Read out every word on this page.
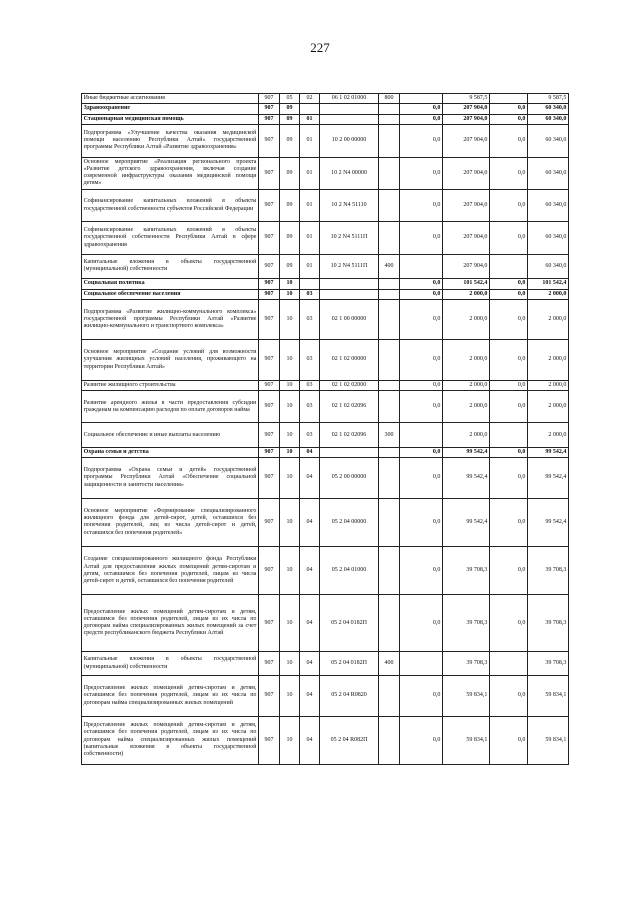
227
Иные бюджетные ассигнования	907	05	02	06 1 02 01000	800		9 587,5		9 587,5
Здравоохранение	907	09				0,0	207 904,0	0,0	60 340,0
Стационарная медицинская помощь	907	09	01			0,0	207 904,0	0,0	60 340,0
Подпрограмма «Улучшение качества оказания медицинской помощи населению Республики Алтай» государственной программы Республики Алтай «Развитие здравоохранения»	907	09	01	10 2 00 00000		0,0	207 904,0	0,0	60 340,0
Основное мероприятие «Реализация регионального проекта «Развитие детского здравоохранения, включая создание современной инфраструктуры оказания медицинской помощи детям»	907	09	01	10 2 N4 00000		0,0	207 904,0	0,0	60 340,0
Софинансирование капитальных вложений в объекты государственной собственности субъектов Российской Федерации	907	09	01	10 2 N4 51110		0,0	207 904,0	0,0	60 340,0
Софинансирование капитальных вложений в объекты государственной собственности Республики Алтай в сфере здравоохранения	907	09	01	10 2 N4 5111П		0,0	207 904,0	0,0	60 340,0
Капитальные вложения в объекты государственной (муниципальной) собственности	907	09	01	10 2 N4 5111П	400		207 904,0		60 340,0
Социальная политика	907	10				0,0	101 542,4	0,0	101 542,4
Социальное обеспечение населения	907	10	03			0,0	2 000,0	0,0	2 000,0
Подпрограмма «Развитие жилищно-коммунального комплекса» государственной программы Республики Алтай «Развитие жилищно-коммунального и транспортного комплекса»	907	10	03	02 1 00 00000		0,0	2 000,0	0,0	2 000,0
Основное мероприятие «Создание условий для возможности улучшения жилищных условий населения, проживающего на территории Республики Алтай»	907	10	03	02 1 02 00000		0,0	2 000,0	0,0	2 000,0
Развитие жилищного строительства	907	10	03	02 1 02 02000		0,0	2 000,0	0,0	2 000,0
Развитие арендного жилья в части предоставления субсидии гражданам на компенсацию расходов по оплате договоров найма	907	10	03	02 1 02 02096		0,0	2 000,0	0,0	2 000,0
Социальное обеспечение и иные выплаты населению	907	10	03	02 1 02 02096	300		2 000,0		2 000,0
Охрана семьи и детства	907	10	04			0,0	99 542,4	0,0	99 542,4
Подпрограмма «Охрана семьи и детей» государственной программы Республики Алтай «Обеспечение социальной защищенности и занятости населения»	907	10	04	05 2 00 00000		0,0	99 542,4	0,0	99 542,4
Основное мероприятие «Формирование специализированного жилищного фонда для детей-сирот, детей, оставшихся без попечения родителей, лиц из числа детей-сирот и детей, оставшихся без попечения родителей»	907	10	04	05 2 04 00000		0,0	99 542,4	0,0	99 542,4
Создание специализированного жилищного фонда Республики Алтай для предоставления жилых помещений детям-сиротам и детям, оставшимся без попечения родителей, лицам из числа детей-сирот и детей, оставшихся без попечения родителей	907	10	04	05 2 04 01000		0,0	39 708,3	0,0	39 708,3
Предоставление жилых помещений детям-сиротам и детям, оставшимся без попечения родителей, лицам из их числа по договорам найма специализированных жилых помещений за счет средств республиканского бюджета Республики Алтай	907	10	04	05 2 04 0182П		0,0	39 708,3	0,0	39 708,3
Капитальные вложения в объекты государственной (муниципальной) собственности	907	10	04	05 2 04 0182П	400		39 708,3		39 708,3
Предоставление жилых помещений детям-сиротам и детям, оставшимся без попечения родителей, лицам из их числа по договорам найма специализированных жилых помещений	907	10	04	05 2 04 R0820		0,0	59 834,1	0,0	59 834,1
Предоставление жилых помещений детям-сиротам и детям, оставшимся без попечения родителей, лицам из их числа по договорам найма специализированных жилых помещений (капитальные вложения в объекты государственной собственности)	907	10	04	05 2 04 R082П		0,0	59 834,1	0,0	59 834,1
